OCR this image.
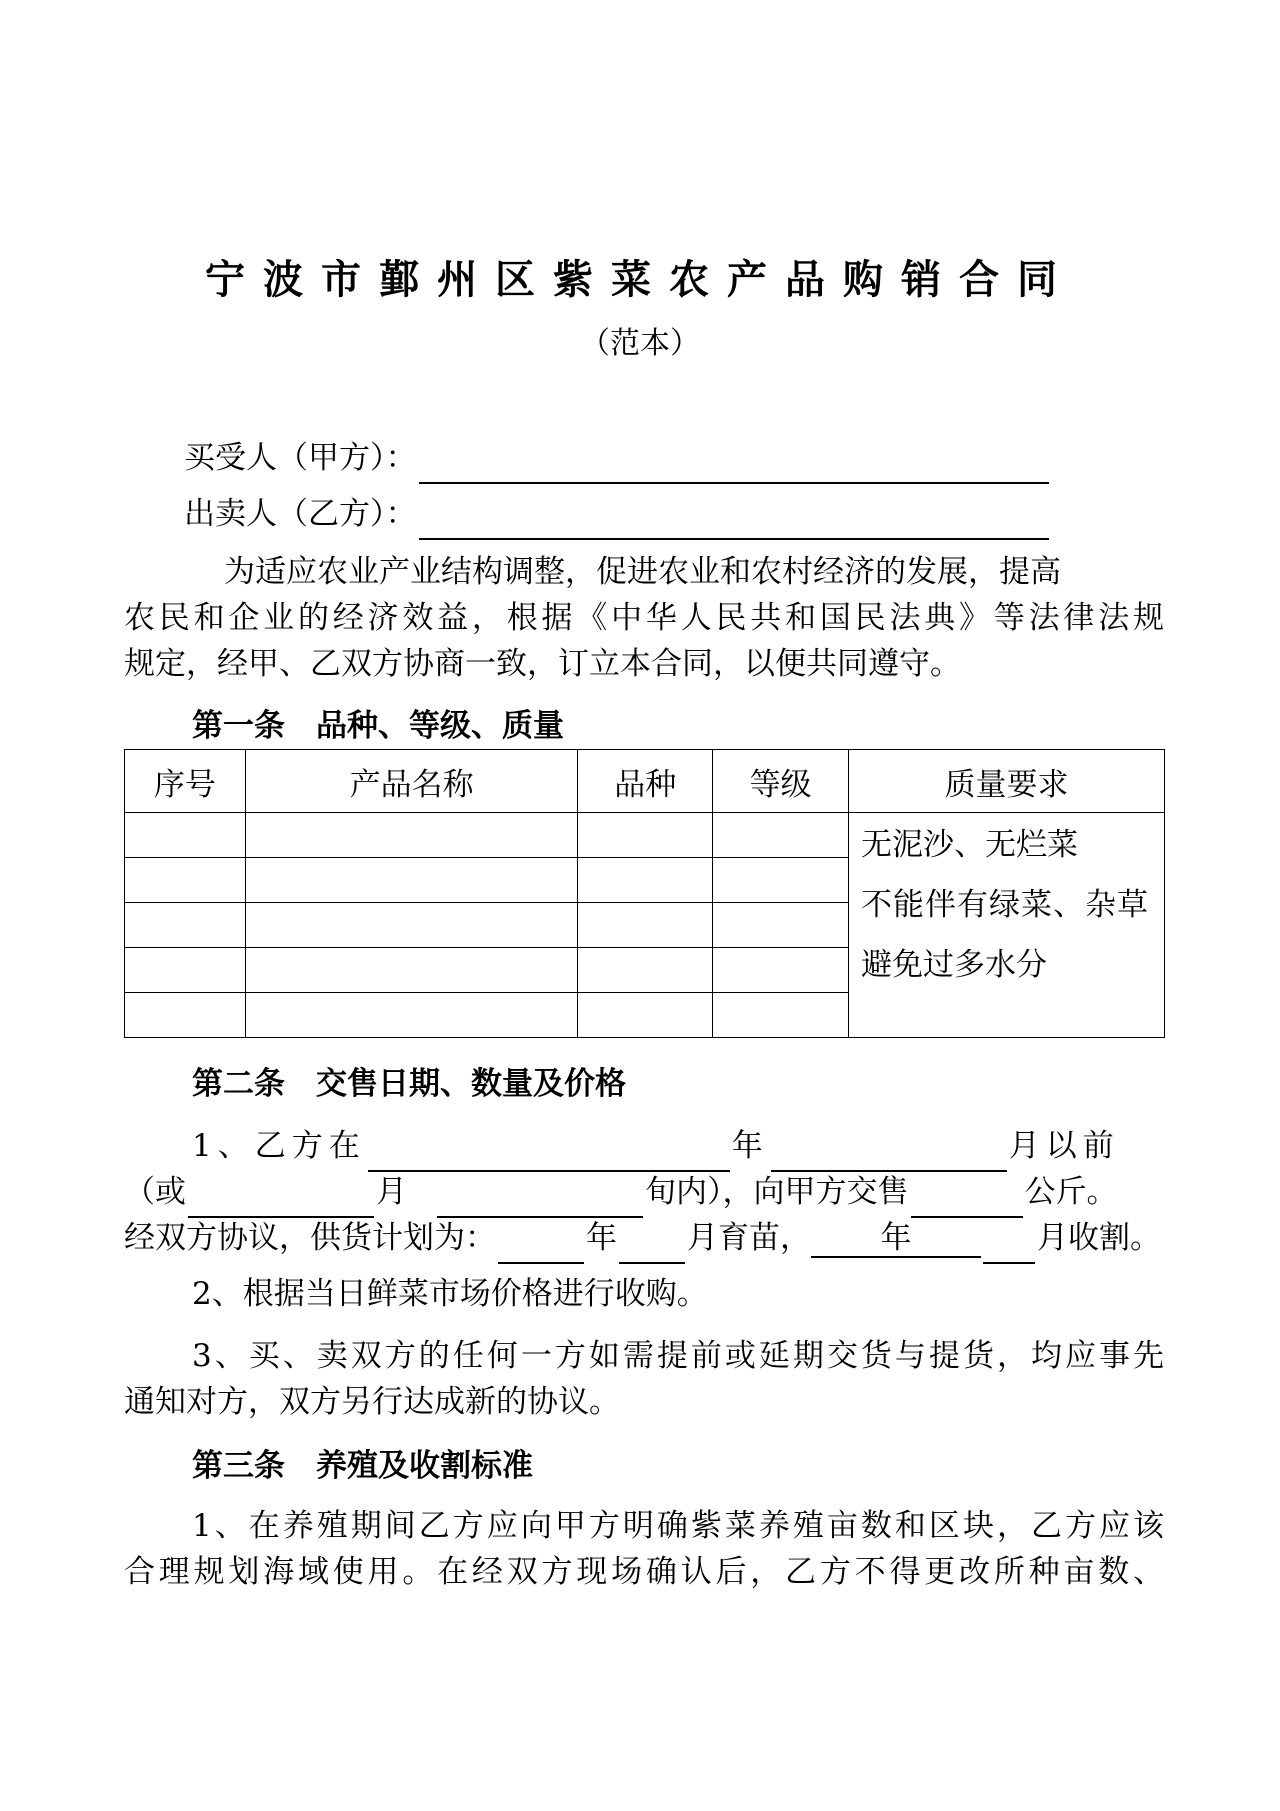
宁波市鄞州区紫菜农产品购销合同
（范本）
买受人（甲方）：
出卖人（乙方）：
为适应农业产业结构调整，促进农业和农村经济的发展，提高
农民和企业的经济效益，根据《中华人民共和国民法典》等法律法规
规定，经甲、乙双方协商一致，订立本合同，以便共同遵守。
第一条　品种、等级、质量
序号	产品名称	品种	等级	质量要求

				无泥沙、无烂菜
不能伴有绿菜、杂草
避免过多水分

第二条　交售日期、数量及价格
1、乙方在	年	月以前
（或	月	旬内），向甲方交售	公斤。
经双方协议，供货计划为：	年 月育苗， 年	月收割。
2、根据当日鲜菜市场价格进行收购。
3、买、卖双方的任何一方如需提前或延期交货与提货，均应事先
通知对方，双方另行达成新的协议。
第三条　养殖及收割标准
1、在养殖期间乙方应向甲方明确紫菜养殖亩数和区块，乙方应该
合理规划海域使用。在经双方现场确认后，乙方不得更改所种亩数、
